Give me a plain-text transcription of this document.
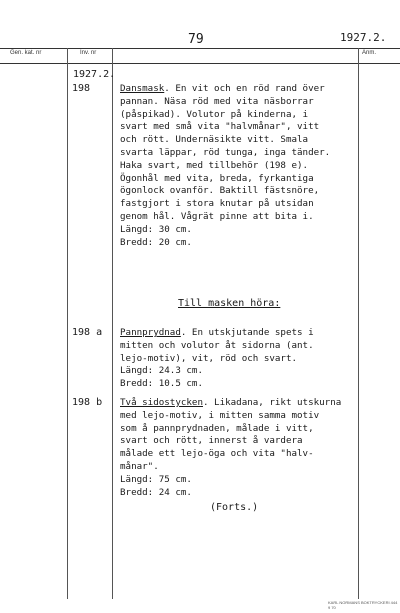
79	1927.2.
Gen. kat. nr	Inv. nr	Anm.
1927.2.
198	Dansmask. En vit och en röd rand över
pannan. Näsa röd med vita näsborrar
(påspikad). Volutor på kinderna, i
svart med små vita "halvmånar", vitt
och rött. Undernäsikte vitt. Smala
svarta läppar, röd tunga, inga tänder.
Haka svart, med tillbehör (198 e).
Ögonhål med vita, breda, fyrkantiga
ögonlock ovanför. Baktill fästsnöre,
fastgjort i stora knutar på utsidan
genom hål. Vågrät pinne att bita i.
Längd: 30 cm.
Bredd: 20 cm.
Till masken höra:
198 a Pannprydnad. En utskjutande spets i
mitten och volutor åt sidorna (ant.
lejo-motiv), vit, röd och svart.
Längd: 24.3 cm.
Bredd: 10.5 cm.
198 b Två sidostycken. Likadana, rikt utskurna
med lejo-motiv, i mitten samma motiv
som å pannprydnaden, målade i vitt,
svart och rött, innerst å vardera
målade ett lejo-öga och vita "halv-
månar".
Längd: 75 cm.
Bredd: 24 cm.
(Forts.)
KARL NORMANS BOKTRYCKERI 444 9 70
